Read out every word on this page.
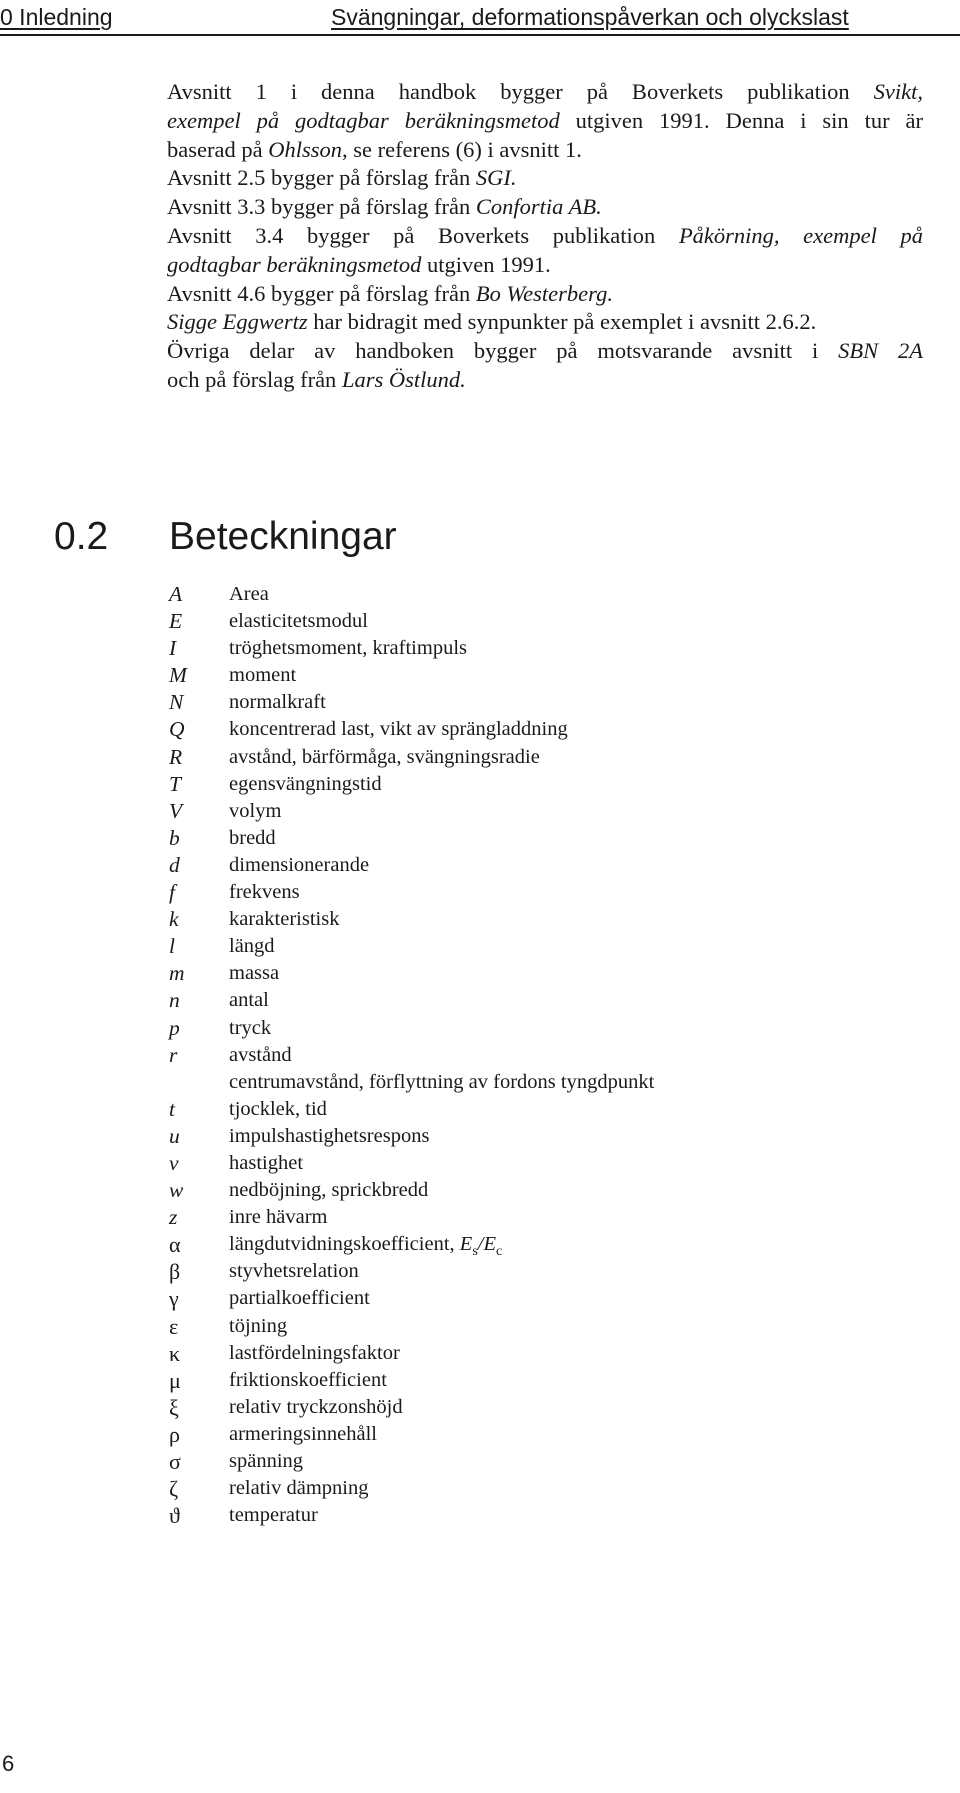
0 Inledning	Svängningar, deformationspåverkan och olyckslast

Avsnitt 1 i denna handbok bygger på Boverkets publikation Svikt,

exempel på godtagbar beräkningsmetod utgiven 1991. Denna i sin tur är

baserad på Ohlsson, se referens (6) i avsnitt 1.

Avsnitt 2.5 bygger på förslag från SGI.

Avsnitt 3.3 bygger på förslag från Confortia AB.

Avsnitt 3.4 bygger på Boverkets publikation Påkörning, exempel på

godtagbar beräkningsmetod utgiven 1991.

Avsnitt 4.6 bygger på förslag från Bo Westerberg.

Sigge Eggwertz har bidragit med synpunkter på exemplet i avsnitt 2.6.2.

Övriga delar av handboken bygger på motsvarande avsnitt i SBN 2A

och på förslag från Lars Östlund.

0.2 Beteckningar
A Area
E elasticitetsmodul
I	tröghetsmoment, kraftimpuls
M moment
N normalkraft
Q koncentrerad last, vikt av sprängladdning
R avstånd, bärförmåga, svängningsradie
T egensvängningstid
V volym
b bredd
d dimensionerande
f	frekvens
k karakteristisk
l	längd
m massa
n antal
p tryck
r	avstånd
centrumavstånd, förflyttning av fordons tyngdpunkt
t	tjocklek, tid
u impulshastighetsrespons
v hastighet
w nedböjning, sprickbredd
z	inre hävarm
α längdutvidningskoefficient, $E_s/E_c$
β styvhetsrelation
γ partialkoefficient
ε töjning
κ lastfördelningsfaktor
μ friktionskoefficient
ξ relativ tryckzonshöjd
ρ armeringsinnehåll
σ spänning
ζ relativ dämpning
ϑ temperatur
6
